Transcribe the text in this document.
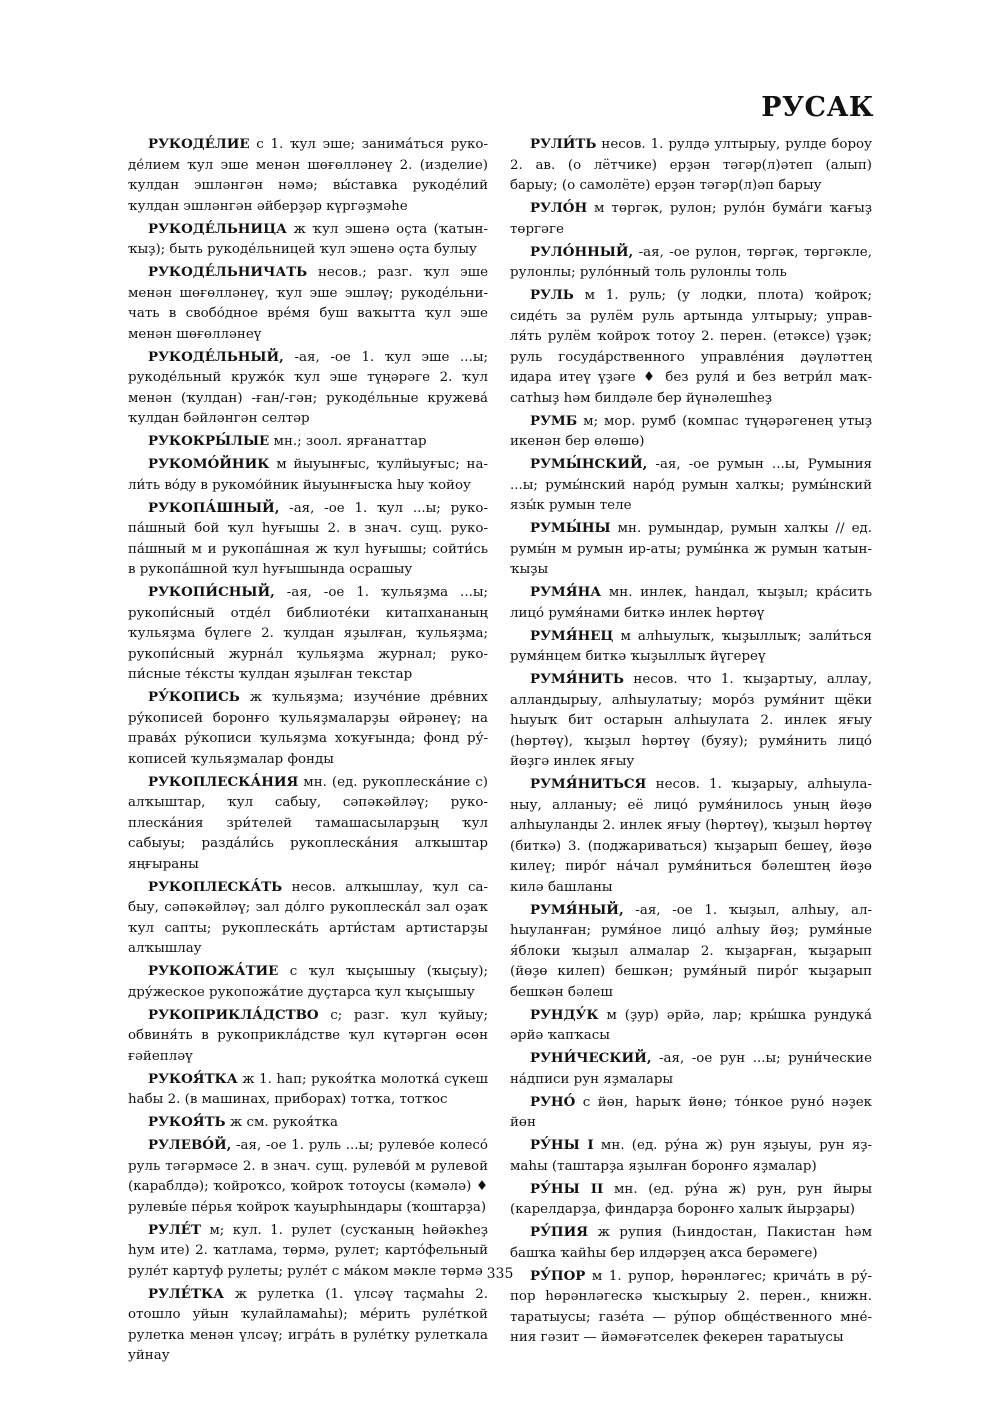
РУСАК

РУКОДЕ́ЛИЕ с 1. ҡул эше; занима́ться рукоде́лием ҡул эше менән шөғөлләнеү 2. (изделие) ҡулдан эшләнгән нәмә; вы́ставка рукоде́лий ҡулдан эшләнгән әйберҙәр күргәҙмәһе

РУКОДЕ́ЛЬНИЦА ж ҡул эшенә оҫта (ҡатын-ҡыҙ); быть рукоде́льницей ҡул эшенә оҫта булыу

РУКОДЕ́ЛЬНИЧАТЬ несов.; разг. ҡул эше менән шөғөлләнеү, ҡул эше эшләү; рукоде́льничать в свобо́дное вре́мя буш ваҡытта ҡул эше менән шөғөлләнеү

РУКОДЕ́ЛЬНЫЙ, -ая, -ое 1. ҡул эше ...ы; рукоде́льный кружо́к ҡул эше түңәрәге 2. ҡул менән (ҡулдан) -ған/-гән; рукоде́льные кружева́ ҡулдан бәйләнгән селтәр

РУКОКРЫ́ЛЫЕ мн.; зоол. ярғанаттар

РУКОМО́ЙНИК м йыуынғыс, ҡулйыуғыс; нали́ть во́ду в рукомо́йник йыуынғысҡа һыу ҡойоу

РУКОПА́ШНЫЙ, -ая, -ое 1. ҡул ...ы; рукопа́шный бой ҡул һуғышы 2. в знач. сущ. рукопа́шный м и рукопа́шная ж ҡул һуғышы; сойти́сь в рукопа́шной ҡул һуғышында осрашыу

РУКОПИ́СНЫЙ, -ая, -ое 1. ҡульяҙма ...ы; рукопи́сный отде́л библиоте́ки китапхананың ҡульяҙма бүлеге 2. ҡулдан яҙылған, ҡульяҙма; рукопи́сный журна́л ҡульяҙма журнал; рукопи́сные те́ксты ҡулдан яҙылған текстар

РУ́КОПИСЬ ж ҡульяҙма; изуче́ние дре́вних ру́кописей боронғо ҡульяҙмаларҙы өйрәнеү; на права́х ру́кописи ҡульяҙма хоҡуғында; фонд ру́кописей ҡульяҙмалар фонды

РУКОПЛЕСКА́НИЯ мн. (ед. рукоплеска́ние с) алҡыштар, ҡул сабыу, сәпәкәйләү; рукоплеска́ния зри́телей тамашасыларҙың ҡул сабыуы; разда́ли́сь рукоплеска́ния алҡыштар яңғыраны

РУКОПЛЕСКА́ТЬ несов. алҡышлау, ҡул сабыу, сәпәкәйләү; зал до́лго рукоплеска́л зал оҙаҡ ҡул сапты; рукоплеска́ть арти́стам артистарҙы алҡышлау

РУКОПОЖА́ТИЕ с ҡул ҡыҫышыу (ҡыҫыу); дру́жеское рукопожа́тие дуҫтарса ҡул ҡыҫышыу

РУКОПРИКЛА́ДСТВО с; разг. ҡул ҡуйыу; обвиня́ть в рукоприкла́дстве ҡул күтәргән өсөн ғәйепләү

РУКОЯ́ТКА ж 1. һап; рукоя́тка молотка́ сүкеш һабы 2. (в машинах, приборах) тотҡа, тотҡос

РУКОЯ́ТЬ ж см. рукоя́тка

РУЛЕВО́Й, -ая, -ое 1. руль ...ы; рулево́е колесо́ руль тәгәрмәсе 2. в знач. сущ. рулево́й м рулевой (караблдә); ҡойроҡсо, ҡойроҡ тотоусы (кәмәлә) ♦ рулевы́е пе́рья ҡойроҡ ҡауырһындары (ҡоштарҙа)

РУЛЕ́Т м; кул. 1. рулет (сусҡаның һөйәкһеҙ һум ите) 2. ҡатлама, төрмә, рулет; карто́фельный руле́т картуф рулеты; руле́т с ма́ком мәкле төрмә

РУЛЕ́ТКА ж рулетка (1. үлсәү таҫмаһы 2. отошло уйын ҡулайламаһы); ме́рить руле́ткой рулетка менән үлсәү; игра́ть в руле́тку рулеткала уйнау

РУЛИ́ТЬ несов. 1. рулдә ултырыу, рулде бороу 2. ав. (о лётчике) ерҙән тәгәр(л)әтеп (алып) барыу; (о самолёте) ерҙән тәгәр(л)әп барыу

РУЛО́Н м төргәк, рулон; руло́н бума́ги ҡағыҙ төргәге

РУЛО́ННЫЙ, -ая, -ое рулон, төргәк, төргәкле, рулонлы; руло́нный толь рулонлы толь

РУЛЬ м 1. руль; (у лодки, плота) ҡойроҡ; сиде́ть за рулём руль артында ултырыу; управля́ть рулём ҡойроҡ тотоу 2. перен. (етәксе) үҙәк; руль госуда́рственного управле́ния дәүләттең идара итеү үҙәге ♦ без руля́ и без ветри́л маҡсатһыҙ һәм билдәле бер йүнәлешһеҙ

РУМБ м; мор. румб (компас түңәрәгенең утыҙ икенән бер өлөшө)

РУМЫ́НСКИЙ, -ая, -ое румын ...ы, Румыния ...ы; румы́нский наро́д румын халҡы; румы́нский язы́к румын теле

РУМЫ́НЫ мн. румындар, румын халҡы // ед. румы́н м румын ир-аты; румы́нка ж румын ҡатын-ҡыҙы

РУМЯ́НА мн. инлек, һандал, ҡыҙыл; кра́сить лицо́ румя́нами биткә инлек һөртөү

РУМЯ́НЕЦ м алһыулыҡ, ҡыҙыллыҡ; зали́ться румя́нцем биткә ҡыҙыллыҡ йүгереү

РУМЯ́НИТЬ несов. что 1. ҡыҙартыу, аллау, алландырыу, алһыулатыу; моро́з румя́нит щёки һыуыҡ бит остарын алһыулата 2. инлек яғыу (һөртөү), ҡыҙыл һөртөү (буяу); румя́нить лицо́ йөҙгә инлек яғыу

РУМЯ́НИТЬСЯ несов. 1. ҡыҙарыу, алһыуланыу, алланыу; её лицо́ румя́нилось уның йөҙө алһыуланды 2. инлек яғыу (һөртөү), ҡыҙыл һөртөү (биткә) 3. (поджариваться) ҡыҙарып бешеү, йөҙө килеү; пиро́г на́чал румя́ниться бәлештең йөҙө килә башланы

РУМЯ́НЫЙ, -ая, -ое 1. ҡыҙыл, алһыу, алһыуланған; румя́ное лицо́ алһыу йөҙ; румя́ные я́блоки ҡыҙыл алмалар 2. ҡыҙарған, ҡыҙарып (йөҙө килеп) бешкән; румя́ный пиро́г ҡыҙарып бешкән бәлеш

РУНДУ́К м (ҙур) әрйә, лар; кры́шка рундука́ әрйә ҡапҡасы

РУНИ́ЧЕСКИЙ, -ая, -ое рун ...ы; руни́ческие на́дписи рун яҙмалары

РУНО́ с йөн, һарыҡ йөнө; то́нкое руно́ нәҙек йөн

РУ́НЫ I мн. (ед. ру́на ж) рун яҙыуы, рун яҙмаһы (таштарҙа яҙылған боронғо яҙмалар)

РУ́НЫ II мн. (ед. ру́на ж) рун, рун йыры (карелдарҙа, финдарҙа боронғо халыҡ йырҙары)

РУ́ПИЯ ж рупия (Һиндостан, Пакистан һәм башҡа ҡайһы бер илдәрҙең аҡса берәмеге)

РУ́ПОР м 1. рупор, һөрәнләгес; крича́ть в ру́пор һөрәнләгескә ҡысҡырыу 2. перен., книжн. таратыусы; газе́та — ру́пор обще́ственного мне́ния гәзит — йәмәғәтселек фекерен таратыусы

335
